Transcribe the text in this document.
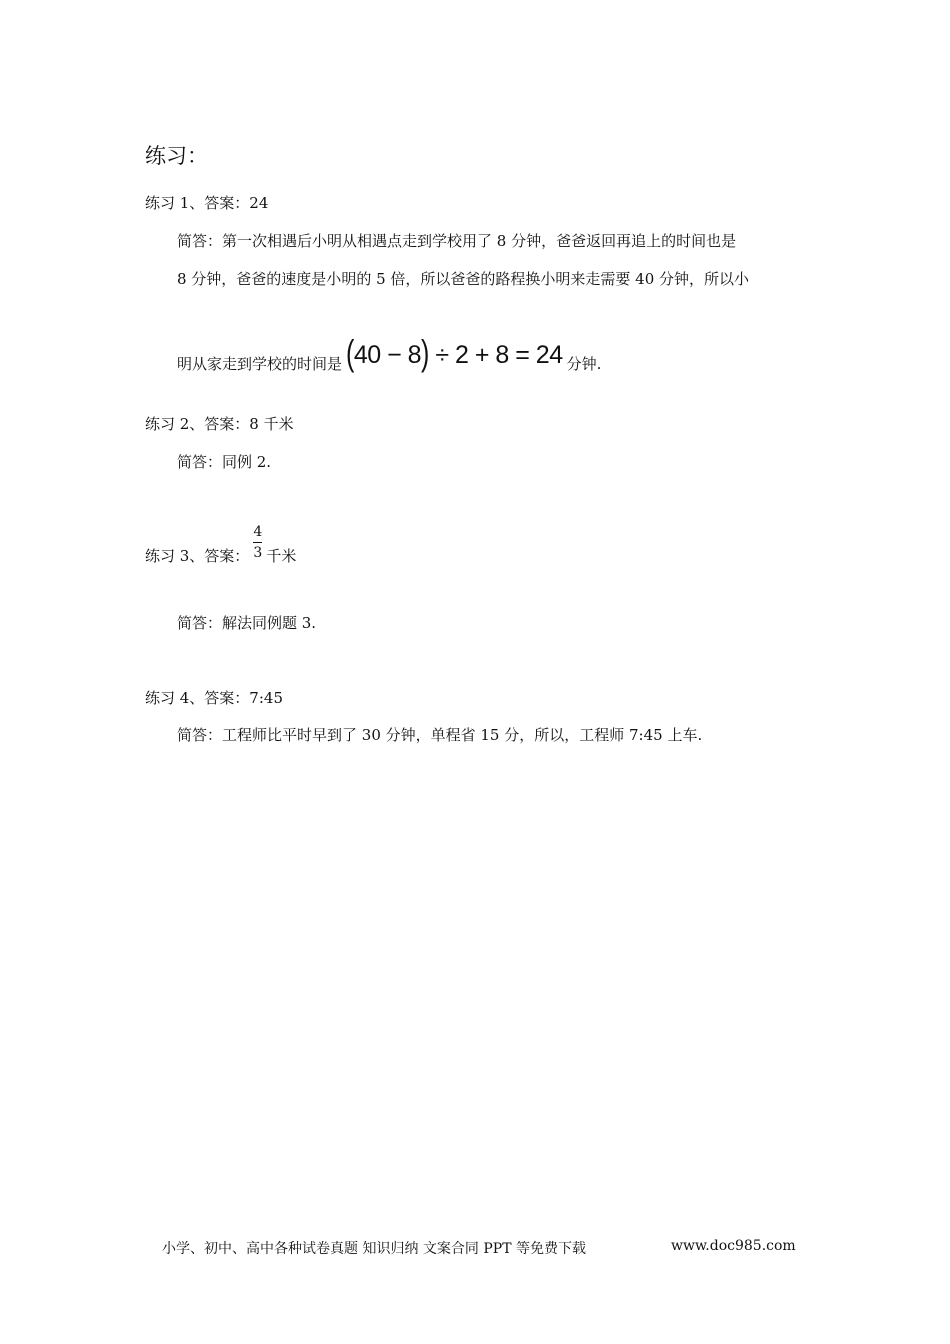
练习：
练习 1、答案：24
简答：第一次相遇后小明从相遇点走到学校用了 8 分钟，爸爸返回再追上的时间也是
8 分钟，爸爸的速度是小明的 5 倍，所以爸爸的路程换小明来走需要 40 分钟，所以小
明从家走到学校的时间是 (40 − 8) ÷ 2 + 8 = 24 分钟.
练习 2、答案：8 千米
简答：同例 2.
练习 3、答案： $\frac{4}{3}$ 千米
简答：解法同例题 3.
练习 4、答案：7:45
简答：工程师比平时早到了 30 分钟，单程省 15 分，所以，工程师 7:45 上车.
小学、初中、高中各种试卷真题 知识归纳 文案合同 PPT 等免费下载	www.doc985.com
